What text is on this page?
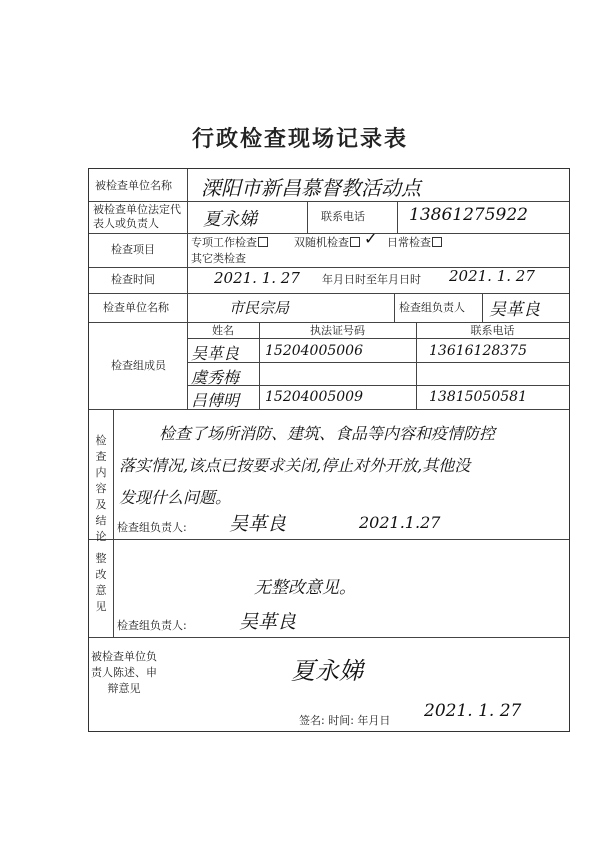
行政检查现场记录表
被检查单位名称 溧阳市新昌慕督教活动点
被检查单位法定代表人或负责人	夏永娣	联系电话	13861275922
检查项目
专项工作检查	双随机检查 ✓ 日常检查
其它类检查
检查时间	2021. 1. 27 年月日时至年月日时 2021. 1. 27
检查单位名称	市民宗局	检查组负责人 吴革良
检查组成员
姓名	执法证号码	联系电话
吴革良 15204005006	13616128375
虞秀梅
吕傅明 15204005009	13815050581
检查内容及结论
检查了场所消防、建筑、食品等内容和疫情防控
落实情况,该点已按要求关闭,停止对外开放,其他没
发现什么问题。
检查组负责人: 吴革良	2021.1.27
整改意见
无整改意见。
检查组负责人:	吴革良
被检查单位负责人陈述、申辩意见
夏永娣
签名: 时间: 年月日 2021. 1. 27
